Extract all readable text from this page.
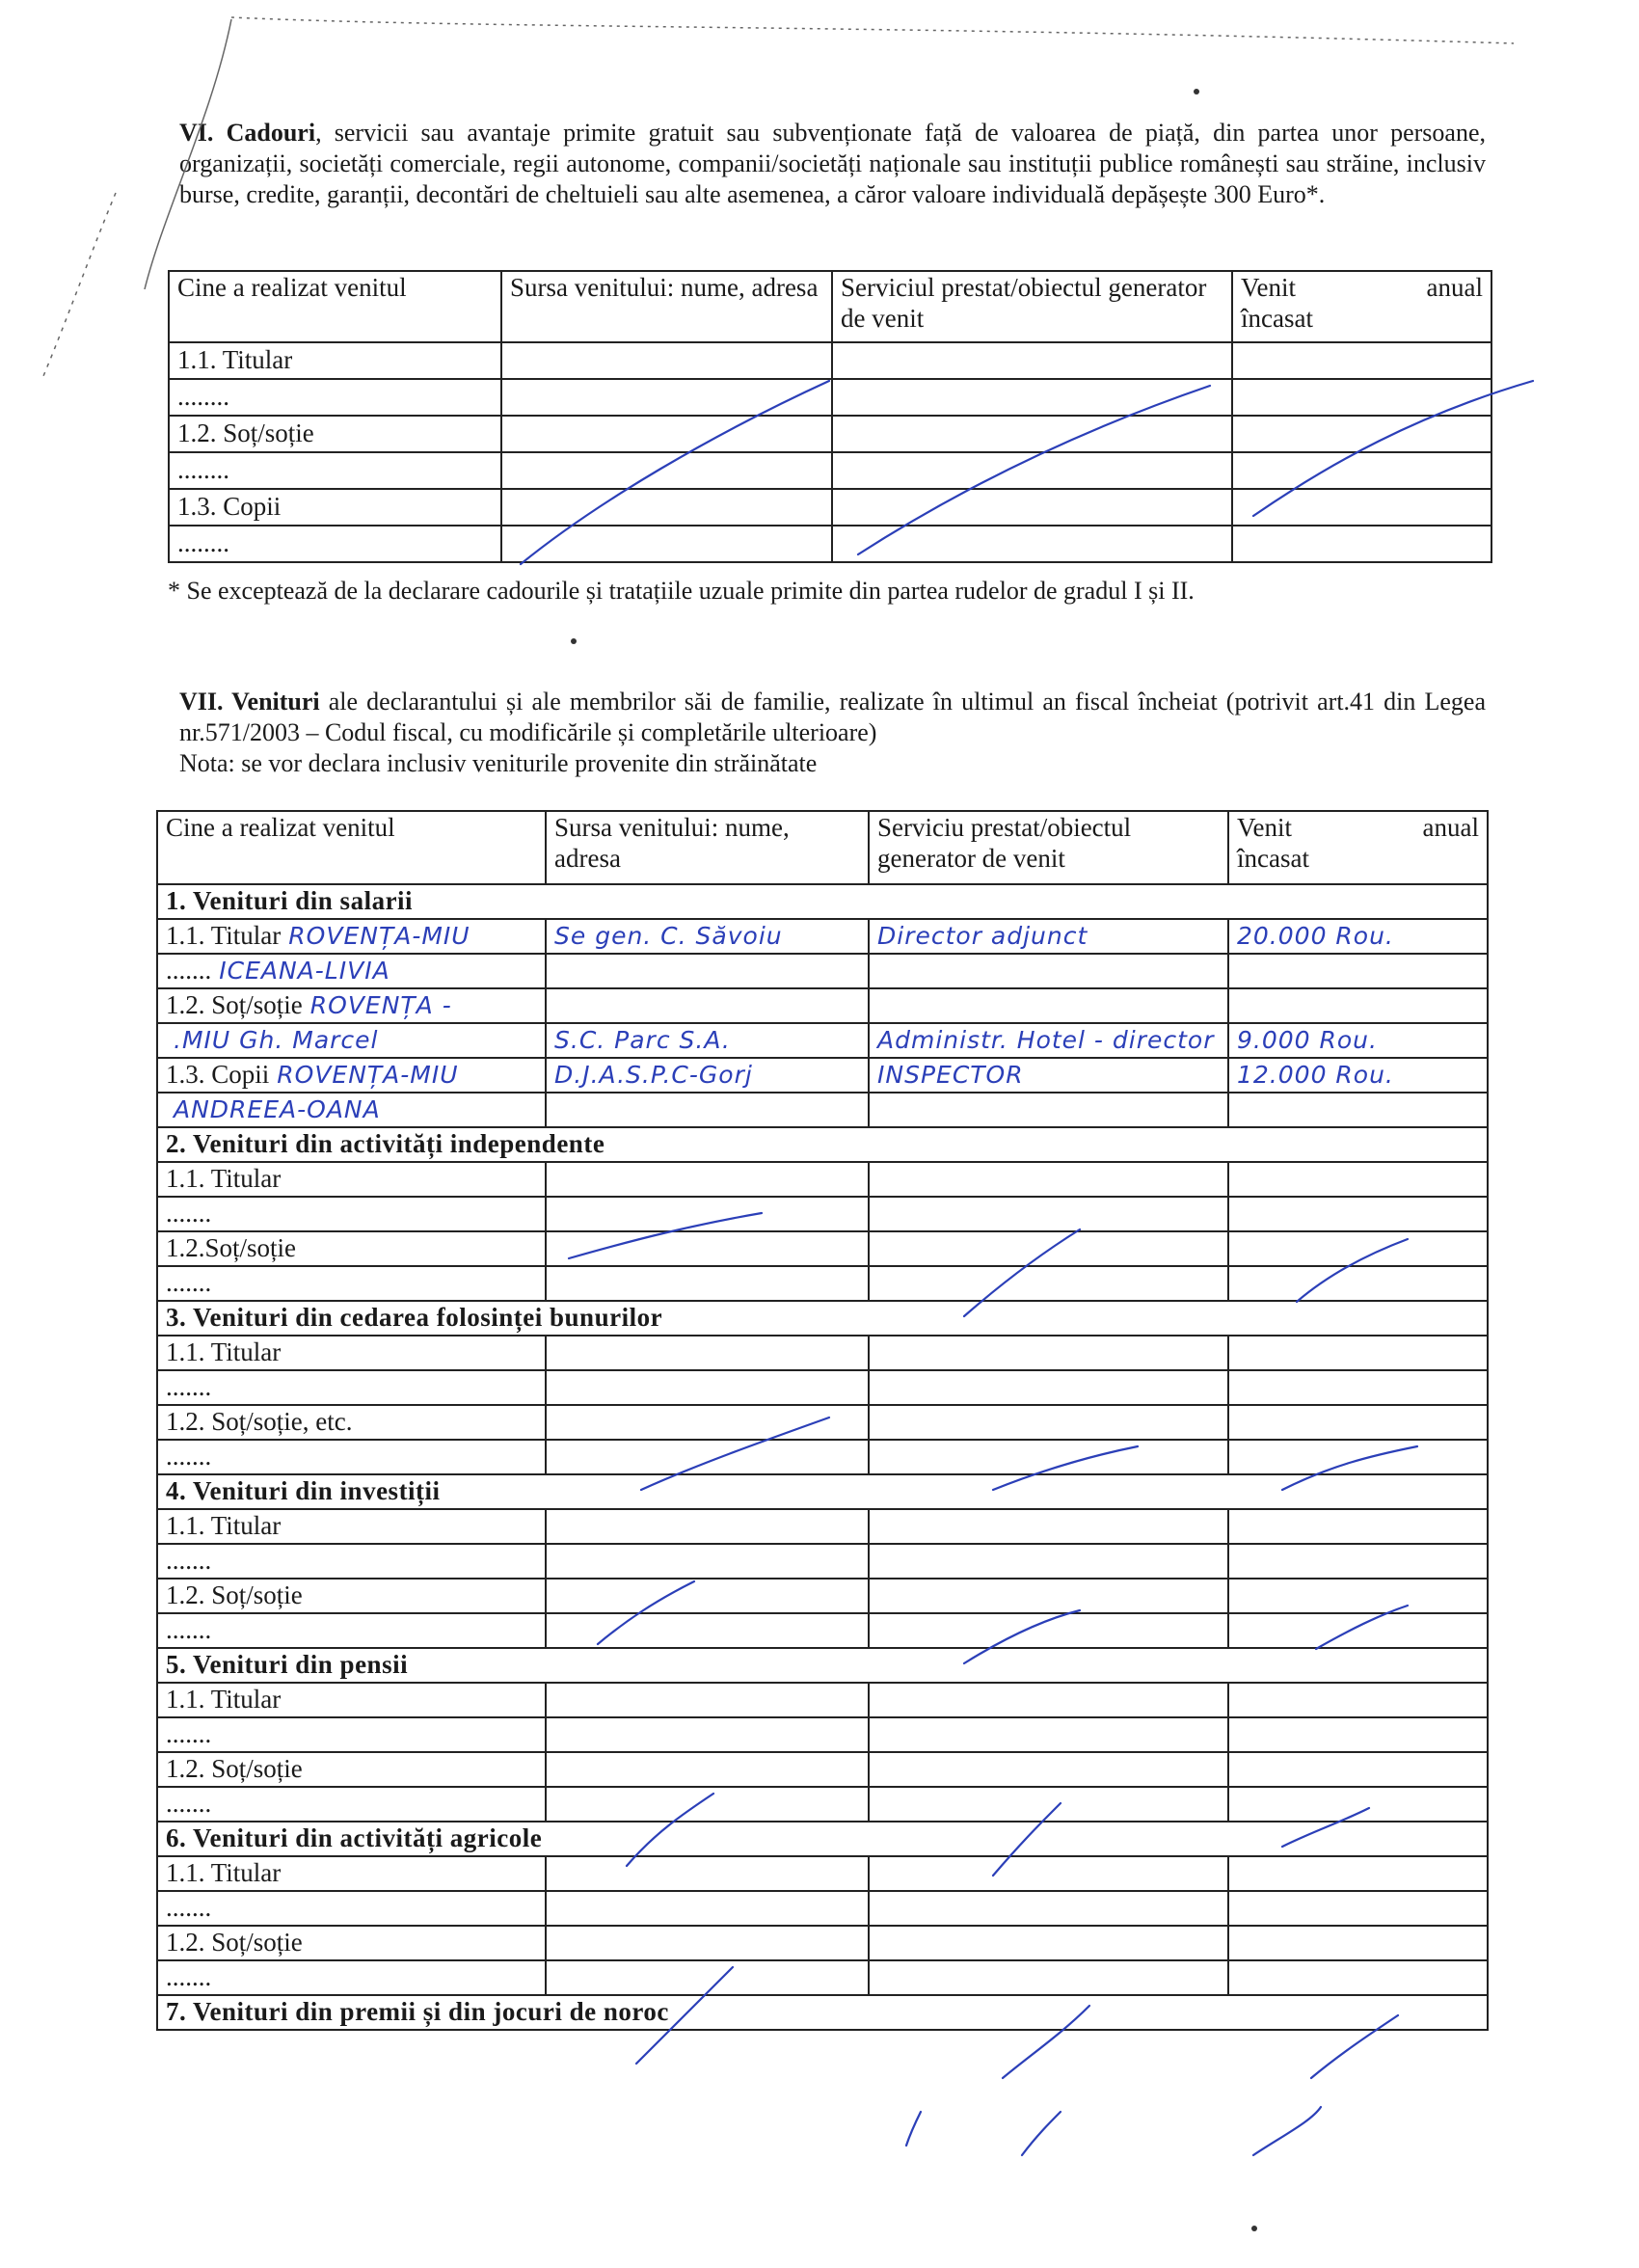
VI. Cadouri, servicii sau avantaje primite gratuit sau subvenționate față de valoarea de piață, din partea unor persoane, organizații, societăți comerciale, regii autonome, companii/societăți naționale sau instituții publice românești sau străine, inclusiv burse, credite, garanții, decontări de cheltuieli sau alte asemenea, a căror valoare individuală depășește 300 Euro*.

Cine a realizat venitul	Sursa venitului: nume, adresa	Serviciul prestat/obiectul generator de venit	Venit anual
încasat

1.1. Titular			
........			
1.2. Soț/soție			
........			
1.3. Copii			
........			

* Se exceptează de la declarare cadourile și tratațiile uzuale primite din partea rudelor de gradul I și II.

VII. Venituri ale declarantului și ale membrilor săi de familie, realizate în ultimul an fiscal încheiat (potrivit art.41 din Legea nr.571/2003 – Codul fiscal, cu modificările și completările ulterioare)

Nota: se vor declara inclusiv veniturile provenite din străinătate

Cine a realizat venitul	Sursa venitului: nume, adresa	Serviciu prestat/obiectul generator de venit	Venit anual
încasat

1. Venituri din salarii			

1.1. Titular ROVENȚA-MIU	Se gen. C. Săvoiu	Director adjunct	20.000 Rou.

....... ICEANA-LIVIA			

1.2. Soț/soție ROVENȚA -			

.MIU Gh. Marcel	S.C. Parc S.A.	Administr. Hotel - director	9.000 Rou.

1.3. Copii ROVENȚA-MIU	D.J.A.S.P.C-Gorj	INSPECTOR	12.000 Rou.

ANDREEA-OANA			

2. Venituri din activități independente			
1.1. Titular			
.......			
1.2.Soț/soție			
.......			
3. Venituri din cedarea folosinței bunurilor			
1.1. Titular			
.......			
1.2. Soț/soție, etc.			
.......			
4. Venituri din investiții			
1.1. Titular			
.......			
1.2. Soț/soție			
.......			
5. Venituri din pensii			
1.1. Titular			
.......			
1.2. Soț/soție			
.......			
6. Venituri din activități agricole			
1.1. Titular			
.......			
1.2. Soț/soție			
.......			
7. Venituri din premii și din jocuri de noroc			
